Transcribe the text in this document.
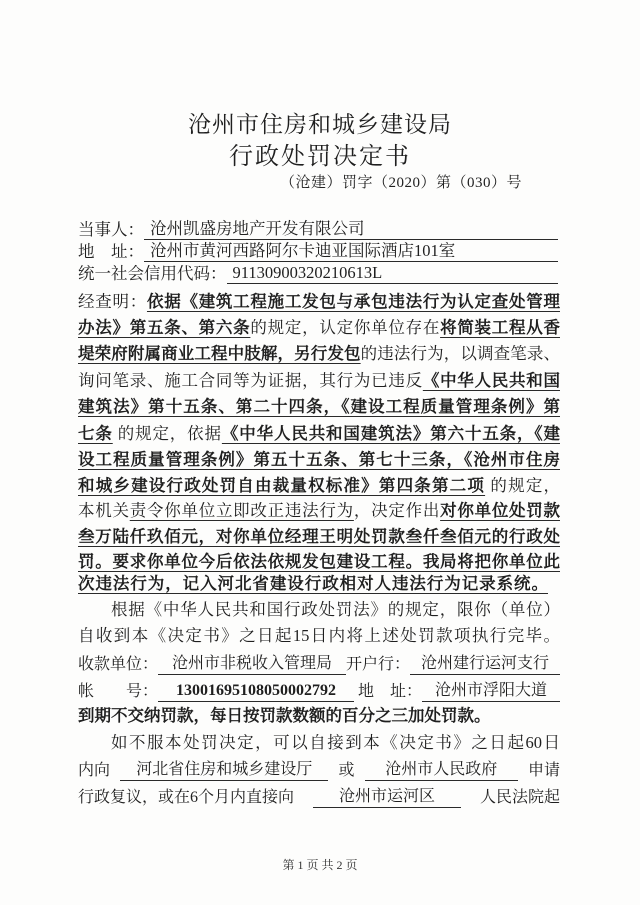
沧州市住房和城乡建设局
行政处罚决定书
（沧建）罚字（2020）第（030）号
当事人： 沧州凯盛房地产开发有限公司
地　址： 沧州市黄河西路阿尔卡迪亚国际酒店101室
统一社会信用代码： 91130900320210613L
经查明：依据《建筑工程施工发包与承包违法行为认定查处管理
办法》第五条、第六条的规定，认定你单位存在将简装工程从香
堤荣府附属商业工程中肢解，另行发包的违法行为，以调查笔录、
询问笔录、施工合同等为证据，其行为已违反《中华人民共和国
建筑法》第十五条、第二十四条，《建设工程质量管理条例》第
七条 的规定，依据《中华人民共和国建筑法》第六十五条，《建
设工程质量管理条例》第五十五条、第七十三条，《沧州市住房
和城乡建设行政处罚自由裁量权标准》第四条第二项 的规定，
本机关责令你单位立即改正违法行为，决定作出对你单位处罚款
叁万陆仟玖佰元，对你单位经理王明处罚款叁仟叁佰元的行政处
罚。要求你单位今后依法依规发包建设工程。我局将把你单位此
次违法行为，记入河北省建设行政相对人违法行为记录系统。
根据《中华人民共和国行政处罚法》的规定，限你（单位）
自收到本《决定书》之日起15日内将上述处罚款项执行完毕。
收款单位： 沧州市非税收入管理局 开户行： 沧州建行运河支行
帐　　号：	13001695108050002792	地　址： 沧州市浮阳大道
到期不交纳罚款，每日按罚款数额的百分之三加处罚款。
如不服本处罚决定，可以自接到本《决定书》之日起60日
内向	河北省住房和城乡建设厅	或	沧州市人民政府	申请
行政复议，或在6个月内直接向	沧州市运河区	人民法院起
第 1 页 共 2 页
